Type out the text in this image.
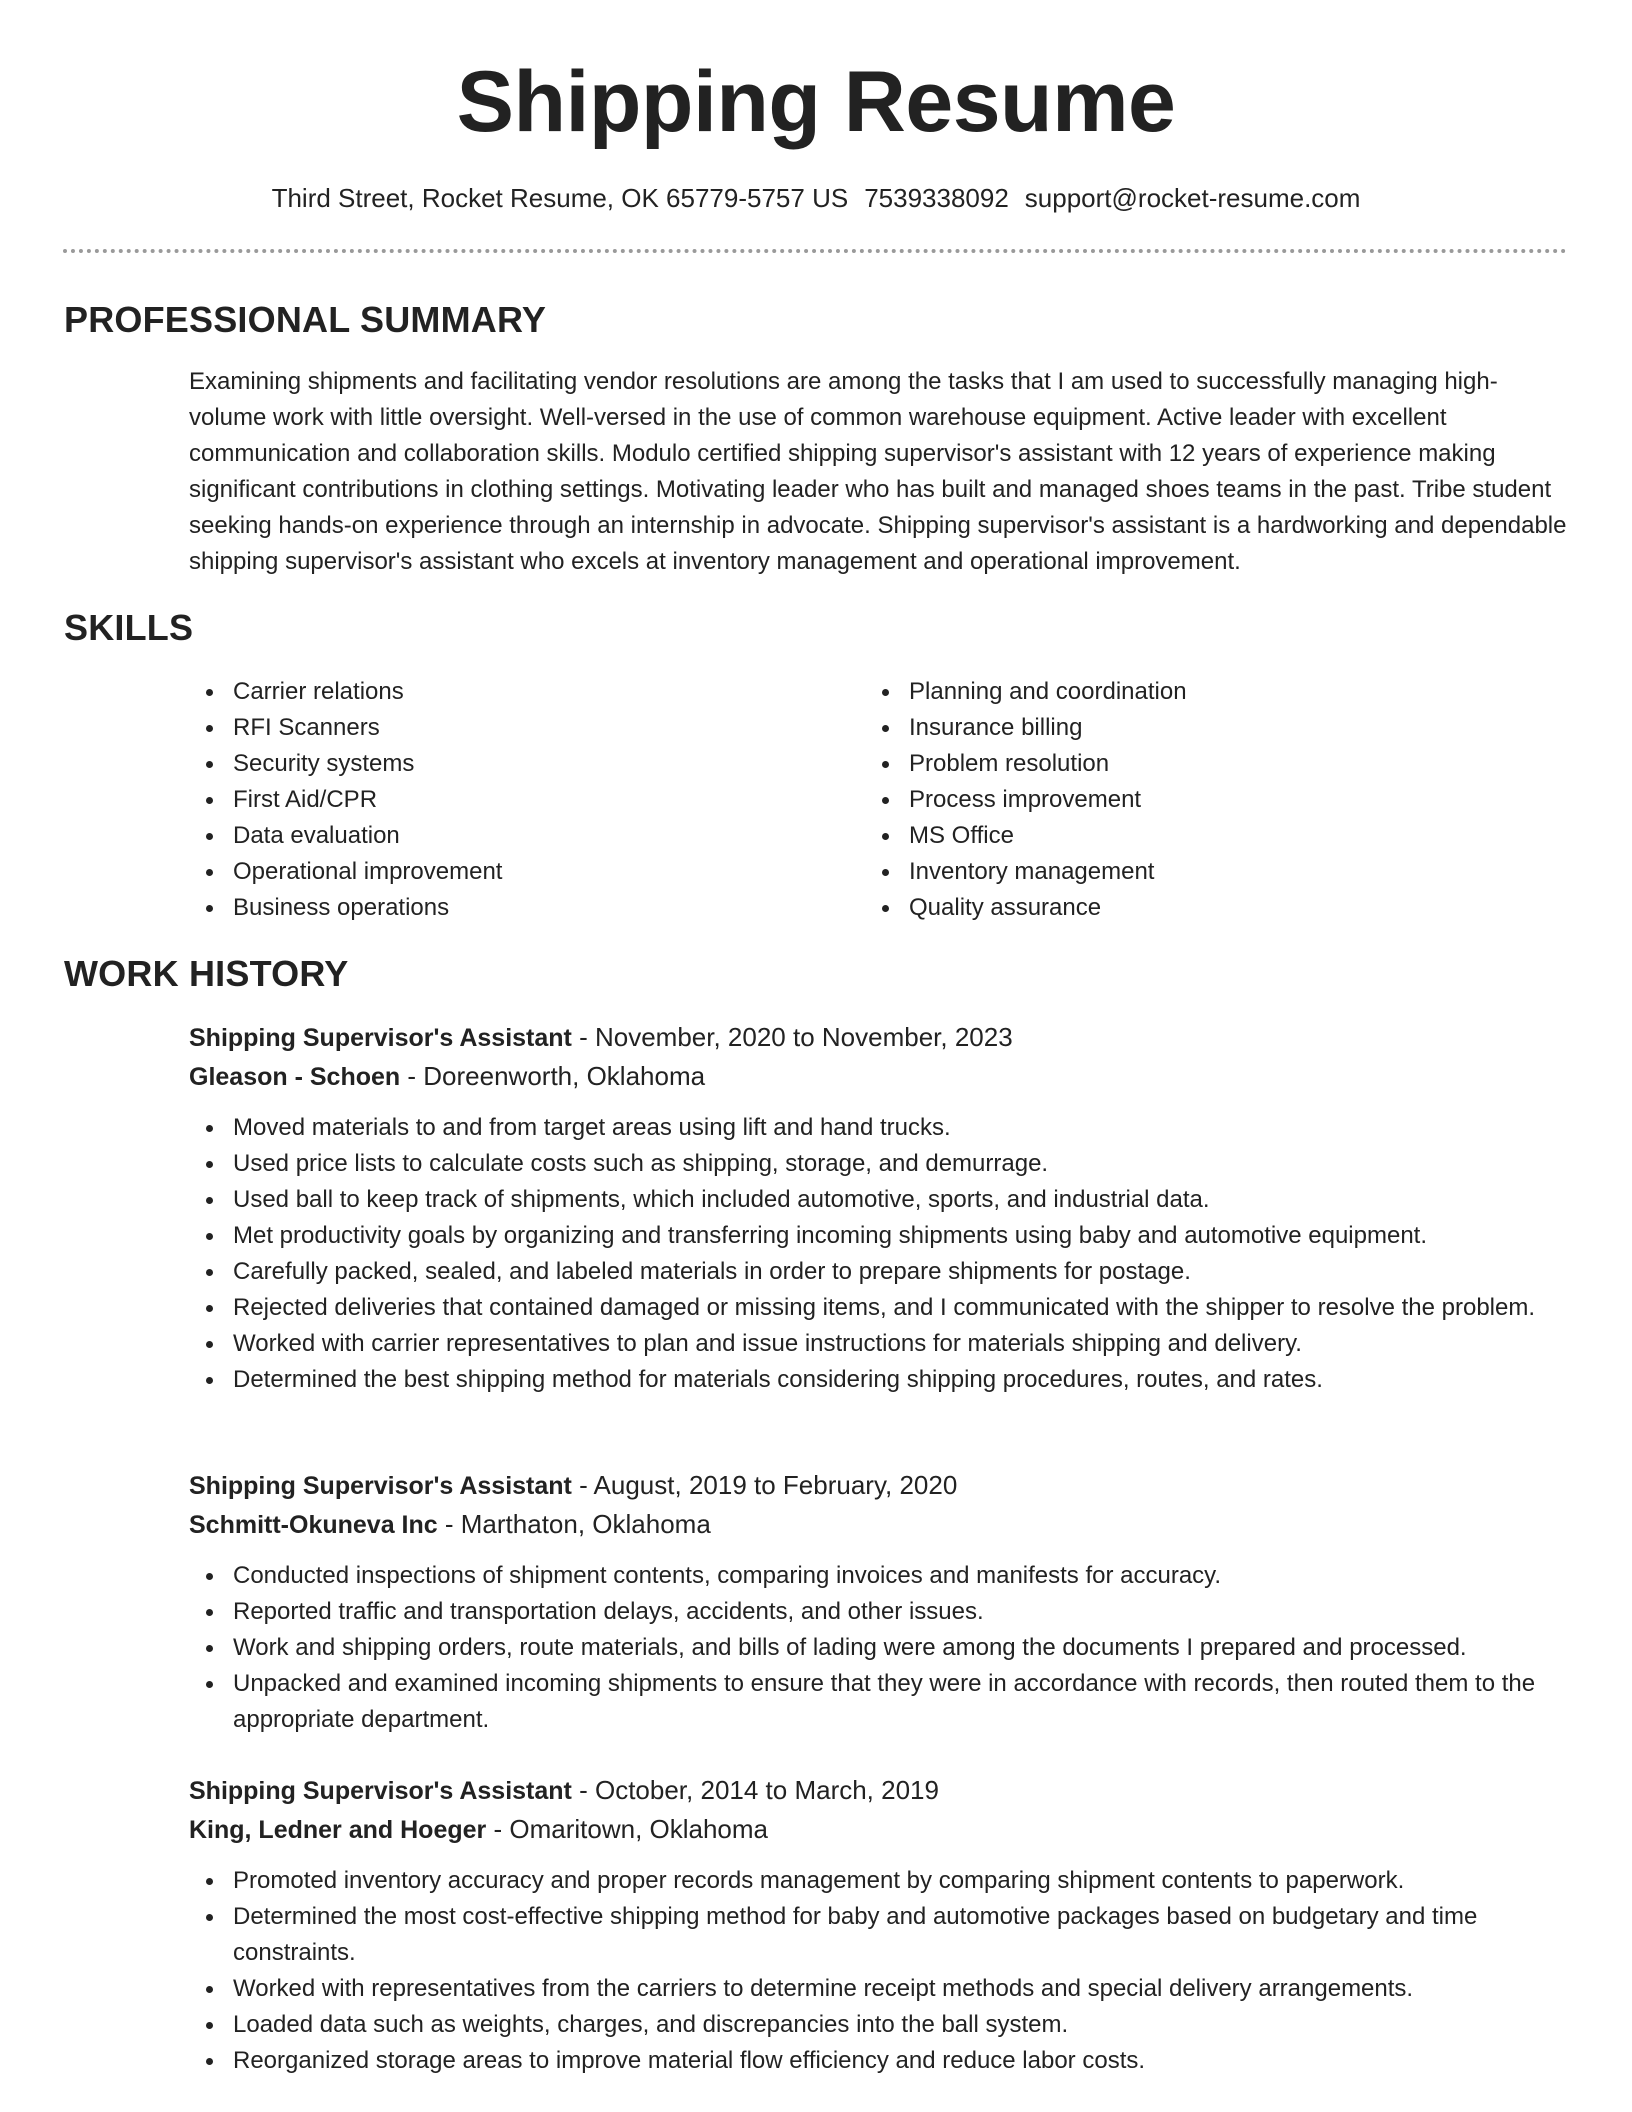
Shipping Resume
Third Street, Rocket Resume, OK 65779-5757 US 7539338092 support@rocket-resume.com
PROFESSIONAL SUMMARY
Examining shipments and facilitating vendor resolutions are among the tasks that I am used to successfully managing high-volume work with little oversight. Well-versed in the use of common warehouse equipment. Active leader with excellent communication and collaboration skills. Modulo certified shipping supervisor's assistant with 12 years of experience making significant contributions in clothing settings. Motivating leader who has built and managed shoes teams in the past. Tribe student seeking hands-on experience through an internship in advocate. Shipping supervisor's assistant is a hardworking and dependable shipping supervisor's assistant who excels at inventory management and operational improvement.
SKILLS
Carrier relations
RFI Scanners
Security systems
First Aid/CPR
Data evaluation
Operational improvement
Business operations
Planning and coordination
Insurance billing
Problem resolution
Process improvement
MS Office
Inventory management
Quality assurance
WORK HISTORY
Shipping Supervisor's Assistant - November, 2020 to November, 2023
Gleason - Schoen - Doreenworth, Oklahoma
Moved materials to and from target areas using lift and hand trucks.
Used price lists to calculate costs such as shipping, storage, and demurrage.
Used ball to keep track of shipments, which included automotive, sports, and industrial data.
Met productivity goals by organizing and transferring incoming shipments using baby and automotive equipment.
Carefully packed, sealed, and labeled materials in order to prepare shipments for postage.
Rejected deliveries that contained damaged or missing items, and I communicated with the shipper to resolve the problem.
Worked with carrier representatives to plan and issue instructions for materials shipping and delivery.
Determined the best shipping method for materials considering shipping procedures, routes, and rates.
Shipping Supervisor's Assistant - August, 2019 to February, 2020
Schmitt-Okuneva Inc - Marthaton, Oklahoma
Conducted inspections of shipment contents, comparing invoices and manifests for accuracy.
Reported traffic and transportation delays, accidents, and other issues.
Work and shipping orders, route materials, and bills of lading were among the documents I prepared and processed.
Unpacked and examined incoming shipments to ensure that they were in accordance with records, then routed them to the appropriate department.
Shipping Supervisor's Assistant - October, 2014 to March, 2019
King, Ledner and Hoeger - Omaritown, Oklahoma
Promoted inventory accuracy and proper records management by comparing shipment contents to paperwork.
Determined the most cost-effective shipping method for baby and automotive packages based on budgetary and time constraints.
Worked with representatives from the carriers to determine receipt methods and special delivery arrangements.
Loaded data such as weights, charges, and discrepancies into the ball system.
Reorganized storage areas to improve material flow efficiency and reduce labor costs.
